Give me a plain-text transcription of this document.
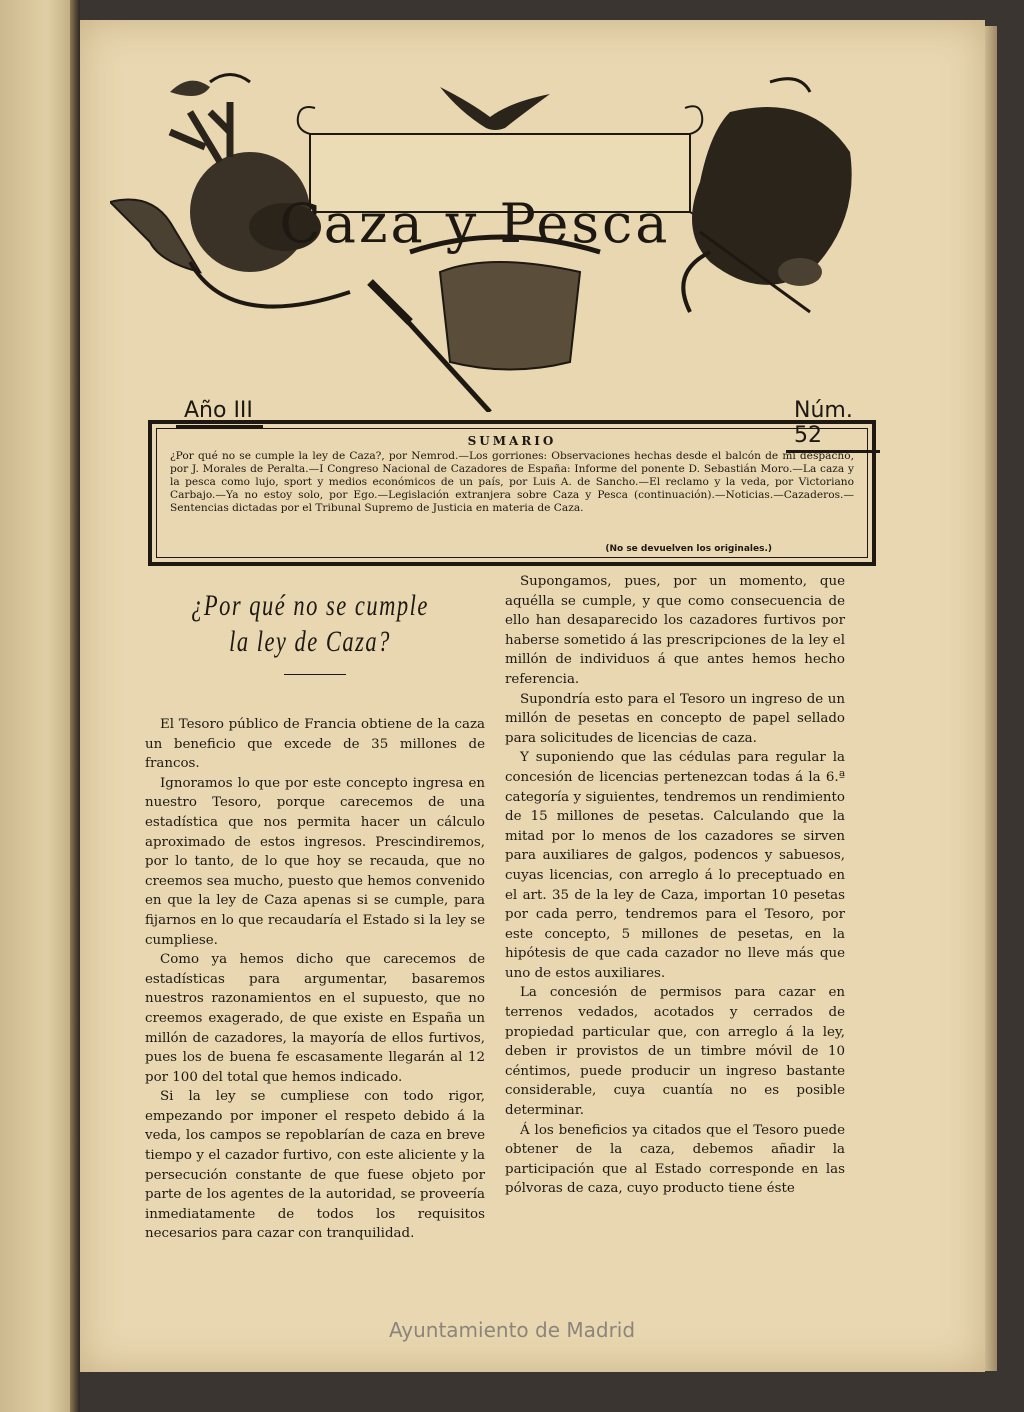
Caza y Pesca
Año III	Núm. 52
SUMARIO

¿Por qué no se cumple la ley de Caza?, por Nemrod.—Los gorriones: Observaciones hechas desde el balcón de mi despacho, por J. Morales de Peralta.—I Congreso Nacional de Cazadores de España: Informe del ponente D. Sebastián Moro.—La caza y la pesca como lujo, sport y medios económicos de un país, por Luis A. de Sancho.—El reclamo y la veda, por Victoriano Carbajo.—Ya no estoy solo, por Ego.—Legislación extranjera sobre Caza y Pesca (continuación).—Noticias.—Cazaderos.—Sentencias dictadas por el Tribunal Supremo de Justicia en materia de Caza.

(No se devuelven los originales.)
¿Por qué no se cumple la ley de Caza?

El Tesoro público de Francia obtiene de la caza un beneficio que excede de 35 millones de francos.

Ignoramos lo que por este concepto ingresa en nuestro Tesoro, porque carecemos de una estadística que nos permita hacer un cálculo aproximado de estos ingresos. Prescindiremos, por lo tanto, de lo que hoy se recauda, que no creemos sea mucho, puesto que hemos convenido en que la ley de Caza apenas si se cumple, para fijarnos en lo que recaudaría el Estado si la ley se cumpliese.

Como ya hemos dicho que carecemos de estadísticas para argumentar, basaremos nuestros razonamientos en el supuesto, que no creemos exagerado, de que existe en España un millón de cazadores, la mayoría de ellos furtivos, pues los de buena fe escasamente llegarán al 12 por 100 del total que hemos indicado.

Si la ley se cumpliese con todo rigor, empezando por imponer el respeto debido á la veda, los campos se repoblarían de caza en breve tiempo y el cazador furtivo, con este aliciente y la persecución constante de que fuese objeto por parte de los agentes de la autoridad, se proveería inmediatamente de todos los requisitos necesarios para cazar con tranquilidad.

Supongamos, pues, por un momento, que aquélla se cumple, y que como consecuencia de ello han desaparecido los cazadores furtivos por haberse sometido á las prescripciones de la ley el millón de individuos á que antes hemos hecho referencia.

Supondría esto para el Tesoro un ingreso de un millón de pesetas en concepto de papel sellado para solicitudes de licencias de caza.

Y suponiendo que las cédulas para regular la concesión de licencias pertenezcan todas á la 6.ª categoría y siguientes, tendremos un rendimiento de 15 millones de pesetas. Calculando que la mitad por lo menos de los cazadores se sirven para auxiliares de galgos, podencos y sabuesos, cuyas licencias, con arreglo á lo preceptuado en el art. 35 de la ley de Caza, importan 10 pesetas por cada perro, tendremos para el Tesoro, por este concepto, 5 millones de pesetas, en la hipótesis de que cada cazador no lleve más que uno de estos auxiliares.

La concesión de permisos para cazar en terrenos vedados, acotados y cerrados de propiedad particular que, con arreglo á la ley, deben ir provistos de un timbre móvil de 10 céntimos, puede producir un ingreso bastante considerable, cuya cuantía no es posible determinar.

Á los beneficios ya citados que el Tesoro puede obtener de la caza, debemos añadir la participación que al Estado corresponde en las pólvoras de caza, cuyo producto tiene éste

Ayuntamiento de Madrid
